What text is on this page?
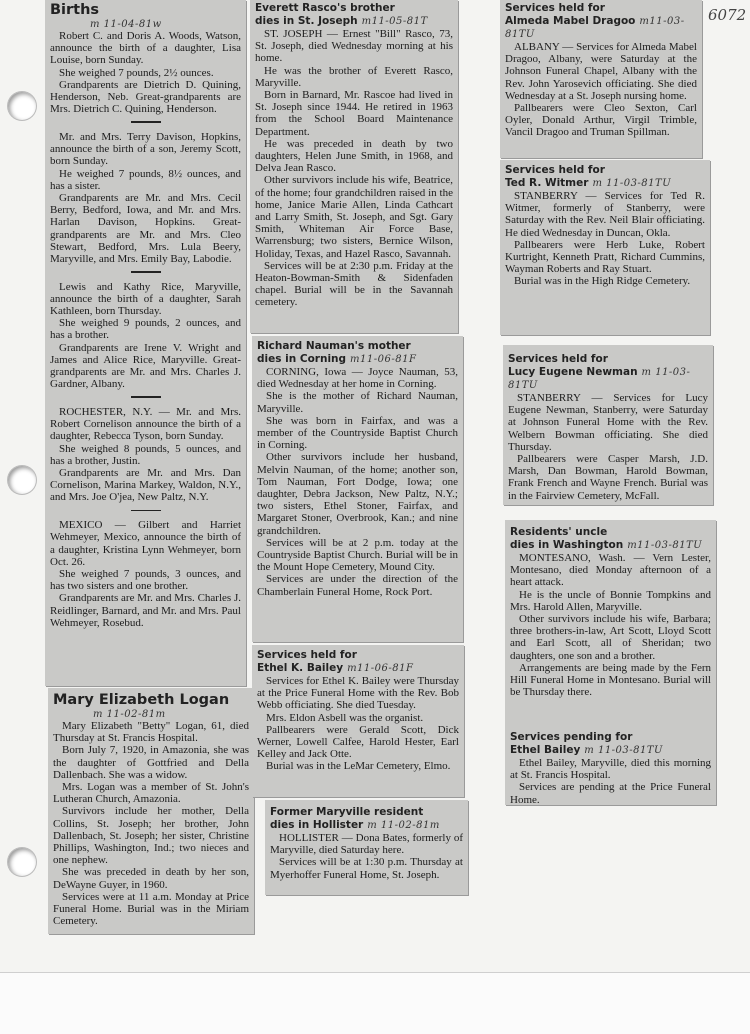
6072
Births
m 11-04-81w

Robert C. and Doris A. Woods, Watson, announce the birth of a daughter, Lisa Louise, born Sunday.

She weighed 7 pounds, 2½ ounces.

Grandparents are Dietrich D. Quining, Henderson, Neb. Great-grandparents are Mrs. Dietrich C. Quining, Henderson.

Mr. and Mrs. Terry Davison, Hopkins, announce the birth of a son, Jeremy Scott, born Sunday.

He weighed 7 pounds, 8½ ounces, and has a sister.

Grandparents are Mr. and Mrs. Cecil Berry, Bedford, Iowa, and Mr. and Mrs. Harlan Davison, Hopkins. Great-grandparents are Mr. and Mrs. Cleo Stewart, Bedford, Mrs. Lula Beery, Maryville, and Mrs. Emily Bay, Labodie.

Lewis and Kathy Rice, Maryville, announce the birth of a daughter, Sarah Kathleen, born Thursday.

She weighed 9 pounds, 2 ounces, and has a brother.

Grandparents are Irene V. Wright and James and Alice Rice, Maryville. Great-grandparents are Mr. and Mrs. Charles J. Gardner, Albany.

ROCHESTER, N.Y. — Mr. and Mrs. Robert Cornelison announce the birth of a daughter, Rebecca Tyson, born Sunday.

She weighed 8 pounds, 5 ounces, and has a brother, Justin.

Grandparents are Mr. and Mrs. Dan Cornelison, Marina Markey, Waldon, N.Y., and Mrs. Joe O'jea, New Paltz, N.Y.

MEXICO — Gilbert and Harriet Wehmeyer, Mexico, announce the birth of a daughter, Kristina Lynn Wehmeyer, born Oct. 26.

She weighed 7 pounds, 3 ounces, and has two sisters and one brother.

Grandparents are Mr. and Mrs. Charles J. Reidlinger, Barnard, and Mr. and Mrs. Paul Wehmeyer, Rosebud.

Mary Elizabeth Logan
m 11-02-81m

Mary Elizabeth "Betty" Logan, 61, died Thursday at St. Francis Hospital.

Born July 7, 1920, in Amazonia, she was the daughter of Gottfried and Della Dallenbach. She was a widow.

Mrs. Logan was a member of St. John's Lutheran Church, Amazonia.

Survivors include her mother, Della Collins, St. Joseph; her brother, John Dallenbach, St. Joseph; her sister, Christine Phillips, Washington, Ind.; two nieces and one nephew.

She was preceded in death by her son, DeWayne Guyer, in 1960.

Services were at 11 a.m. Monday at Price Funeral Home. Burial was in the Miriam Cemetery.

Everett Rasco's brother
dies in St. Joseph m11-05-81T

ST. JOSEPH — Ernest "Bill" Rasco, 73, St. Joseph, died Wednesday morning at his home.

He was the brother of Everett Rasco, Maryville.

Born in Barnard, Mr. Rascoe had lived in St. Joseph since 1944. He retired in 1963 from the School Board Maintenance Department.

He was preceded in death by two daughters, Helen June Smith, in 1968, and Delva Jean Rasco.

Other survivors include his wife, Beatrice, of the home; four grandchildren raised in the home, Janice Marie Allen, Linda Cathcart and Larry Smith, St. Joseph, and Sgt. Gary Smith, Whiteman Air Force Base, Warrensburg; two sisters, Bernice Wilson, Holiday, Texas, and Hazel Rasco, Savannah.

Services will be at 2:30 p.m. Friday at the Heaton-Bowman-Smith & Sidenfaden chapel. Burial will be in the Savannah cemetery.

Richard Nauman's mother
dies in Corning m11-06-81F

CORNING, Iowa — Joyce Nauman, 53, died Wednesday at her home in Corning.

She is the mother of Richard Nauman, Maryville.

She was born in Fairfax, and was a member of the Countryside Baptist Church in Corning.

Other survivors include her husband, Melvin Nauman, of the home; another son, Tom Nauman, Fort Dodge, Iowa; one daughter, Debra Jackson, New Paltz, N.Y.; two sisters, Ethel Stoner, Fairfax, and Margaret Stoner, Overbrook, Kan.; and nine grandchildren.

Services will be at 2 p.m. today at the Countryside Baptist Church. Burial will be in the Mount Hope Cemetery, Mound City.

Services are under the direction of the Chamberlain Funeral Home, Rock Port.

Services held for
Ethel K. Bailey m11-06-81F

Services for Ethel K. Bailey were Thursday at the Price Funeral Home with the Rev. Bob Webb officiating. She died Tuesday.

Mrs. Eldon Asbell was the organist.

Pallbearers were Gerald Scott, Dick Werner, Lowell Calfee, Harold Hester, Earl Kelley and Jack Otte.

Burial was in the LeMar Cemetery, Elmo.

Former Maryville resident
dies in Hollister m 11-02-81m

HOLLISTER — Dona Bates, formerly of Maryville, died Saturday here.

Services will be at 1:30 p.m. Thursday at Myerhoffer Funeral Home, St. Joseph.

Services held for
Almeda Mabel Dragoo m11-03-81TU

ALBANY — Services for Almeda Mabel Dragoo, Albany, were Saturday at the Johnson Funeral Chapel, Albany with the Rev. John Yarosevich officiating. She died Wednesday at a St. Joseph nursing home.

Pallbearers were Cleo Sexton, Carl Oyler, Donald Arthur, Virgil Trimble, Vancil Dragoo and Truman Spillman.

Services held for
Ted R. Witmer m 11-03-81TU

STANBERRY — Services for Ted R. Witmer, formerly of Stanberry, were Saturday with the Rev. Neil Blair officiating. He died Wednesday in Duncan, Okla.

Pallbearers were Herb Luke, Robert Kurtright, Kenneth Pratt, Richard Cummins, Wayman Roberts and Ray Stuart.

Burial was in the High Ridge Cemetery.

Services held for
Lucy Eugene Newman m 11-03-81TU

STANBERRY — Services for Lucy Eugene Newman, Stanberry, were Saturday at Johnson Funeral Home with the Rev. Welbern Bowman officiating. She died Thursday.

Pallbearers were Casper Marsh, J.D. Marsh, Dan Bowman, Harold Bowman, Frank French and Wayne French. Burial was in the Fairview Cemetery, McFall.

Residents' uncle
dies in Washington m11-03-81TU

MONTESANO, Wash. — Vern Lester, Montesano, died Monday afternoon of a heart attack.

He is the uncle of Bonnie Tompkins and Mrs. Harold Allen, Maryville.

Other survivors include his wife, Barbara; three brothers-in-law, Art Scott, Lloyd Scott and Earl Scott, all of Sheridan; two daughters, one son and a brother.

Arrangements are being made by the Fern Hill Funeral Home in Montesano. Burial will be Thursday there.

Services pending for
Ethel Bailey m 11-03-81TU

Ethel Bailey, Maryville, died this morning at St. Francis Hospital.

Services are pending at the Price Funeral Home.
